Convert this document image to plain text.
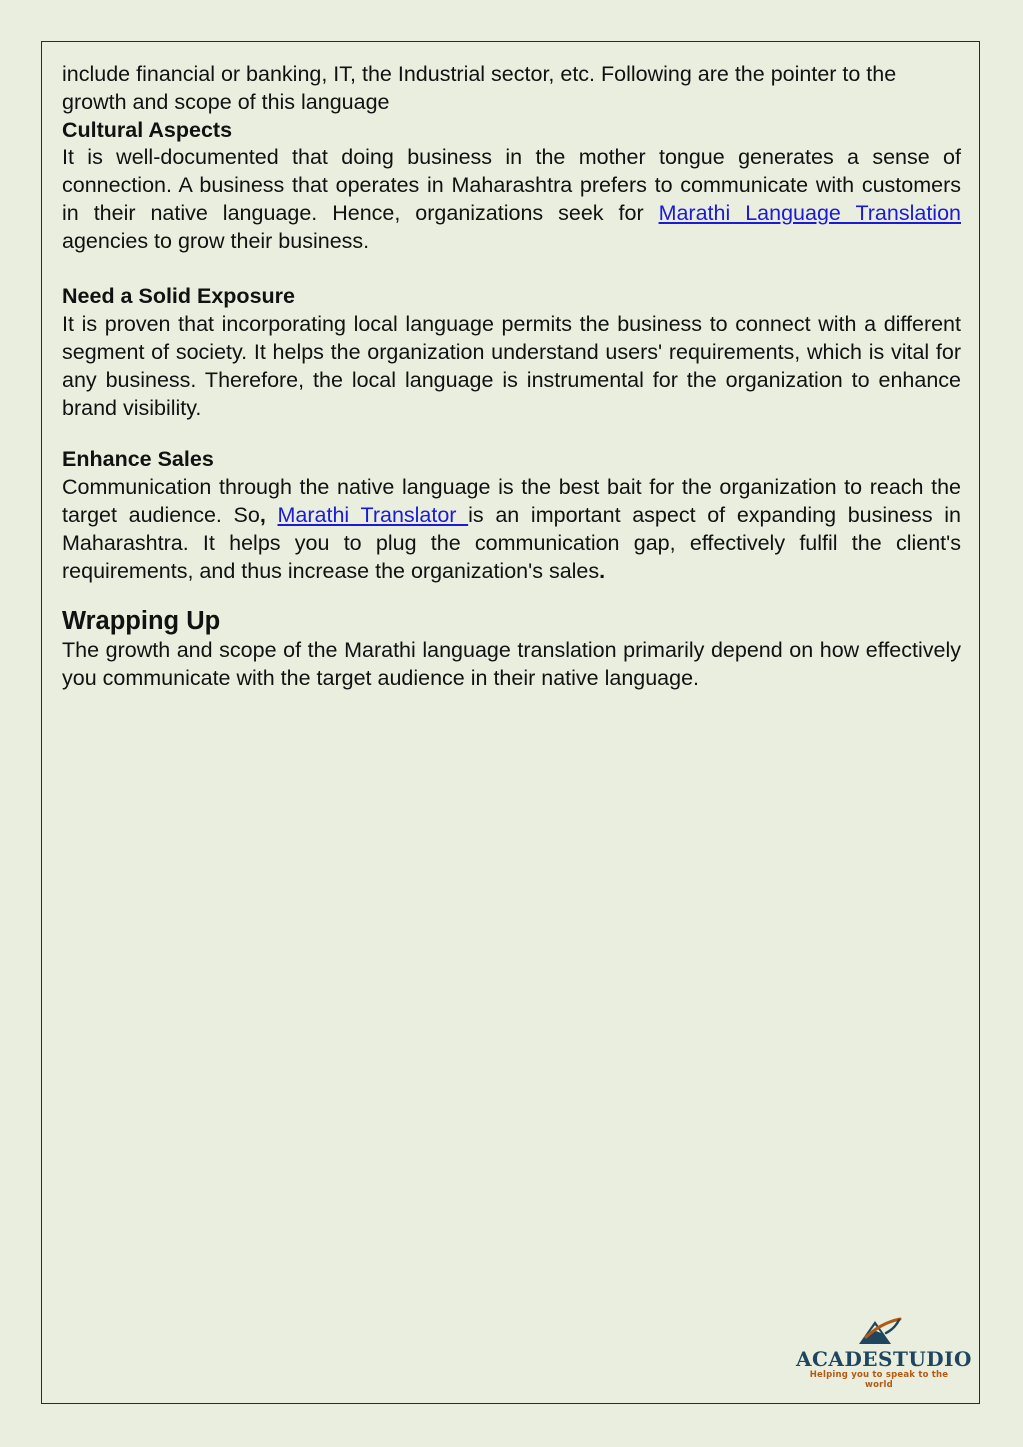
include financial or banking, IT, the Industrial sector, etc. Following are the pointer to the growth and scope of this language

Cultural Aspects

It is well-documented that doing business in the mother tongue generates a sense of connection. A business that operates in Maharashtra prefers to communicate with customers in their native language. Hence, organizations seek for Marathi Language Translation agencies to grow their business.

Need a Solid Exposure

It is proven that incorporating local language permits the business to connect with a different segment of society. It helps the organization understand users' requirements, which is vital for any business. Therefore, the local language is instrumental for the organization to enhance brand visibility.

Enhance Sales

Communication through the native language is the best bait for the organization to reach the target audience. So, Marathi Translator is an important aspect of expanding business in Maharashtra. It helps you to plug the communication gap, effectively fulfil the client's requirements, and thus increase the organization's sales.

Wrapping Up

The growth and scope of the Marathi language translation primarily depend on how effectively you communicate with the target audience in their native language.

ACADESTUDIO
Helping you to speak to the world
